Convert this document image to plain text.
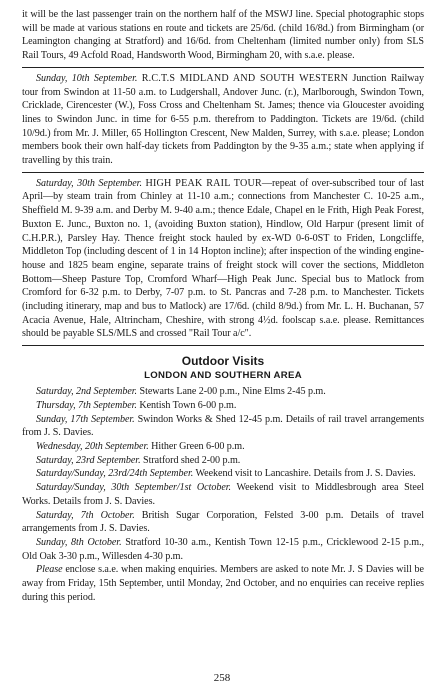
it will be the last passenger train on the northern half of the MSWJ line. Special photographic stops will be made at various stations en route and tickets are 25/6d. (child 16/8d.) from Birmingham (or Leamington changing at Stratford) and 16/6d. from Cheltenham (limited number only) from SLS Rail Tours, 49 Acfold Road, Handsworth Wood, Birmingham 20, with s.a.e. please.

Sunday, 10th September. R.C.T.S MIDLAND AND SOUTH WESTERN Junction Railway tour from Swindon at 11-50 a.m. to Ludgershall, Andover Junc. (r.), Marlborough, Swindon Town, Cricklade, Cirencester (W.), Foss Cross and Cheltenham St. James; thence via Gloucester avoiding lines to Swindon Junc. in time for 6-55 p.m. therefrom to Paddington. Tickets are 19/6d. (child 10/9d.) from Mr. J. Miller, 65 Hollington Crescent, New Malden, Surrey, with s.a.e. please; London members book their own half-day tickets from Paddington by the 9-35 a.m.; state when applying if travelling by this train.

Saturday, 30th September. HIGH PEAK RAIL TOUR—repeat of over-subscribed tour of last April—by steam train from Chinley at 11-10 a.m.; connections from Manchester C. 10-25 a.m., Sheffield M. 9-39 a.m. and Derby M. 9-40 a.m.; thence Edale, Chapel en le Frith, High Peak Forest, Buxton E. Junc., Buxton no. 1, (avoiding Buxton station), Hindlow, Old Harpur (present limit of C.H.P.R.), Parsley Hay. Thence freight stock hauled by ex-WD 0-6-0ST to Friden, Longcliffe, Middleton Top (including descent of 1 in 14 Hopton incline); after inspection of the winding engine-house and 1825 beam engine, separate trains of freight stock will cover the sections, Middleton Bottom—Sheep Pasture Top, Cromford Wharf—High Peak Junc. Special bus to Matlock from Cromford for 6-32 p.m. to Derby, 7-07 p.m. to St. Pancras and 7-28 p.m. to Manchester. Tickets (including itinerary, map and bus to Matlock) are 17/6d. (child 8/9d.) from Mr. L. H. Buchanan, 57 Acacia Avenue, Hale, Altrincham, Cheshire, with strong 4½d. foolscap s.a.e. please. Remittances should be payable SLS/MLS and crossed "Rail Tour a/c".

Outdoor Visits
LONDON AND SOUTHERN AREA

Saturday, 2nd September. Stewarts Lane 2-00 p.m., Nine Elms 2-45 p.m.

Thursday, 7th September. Kentish Town 6-00 p.m.

Sunday, 17th September. Swindon Works & Shed 12-45 p.m. Details of rail travel arrangements from J. S. Davies.

Wednesday, 20th September. Hither Green 6-00 p.m.

Saturday, 23rd September. Stratford shed 2-00 p.m.

Saturday/Sunday, 23rd/24th September. Weekend visit to Lancashire. Details from J. S. Davies.

Saturday/Sunday, 30th September/1st October. Weekend visit to Middlesbrough area Steel Works. Details from J. S. Davies.

Saturday, 7th October. British Sugar Corporation, Felsted 3-00 p.m. Details of travel arrangements from J. S. Davies.

Sunday, 8th October. Stratford 10-30 a.m., Kentish Town 12-15 p.m., Cricklewood 2-15 p.m., Old Oak 3-30 p.m., Willesden 4-30 p.m.

Please enclose s.a.e. when making enquiries. Members are asked to note Mr. J. S Davies will be away from Friday, 15th September, until Monday, 2nd October, and no enquiries can receive replies during this period.

258
